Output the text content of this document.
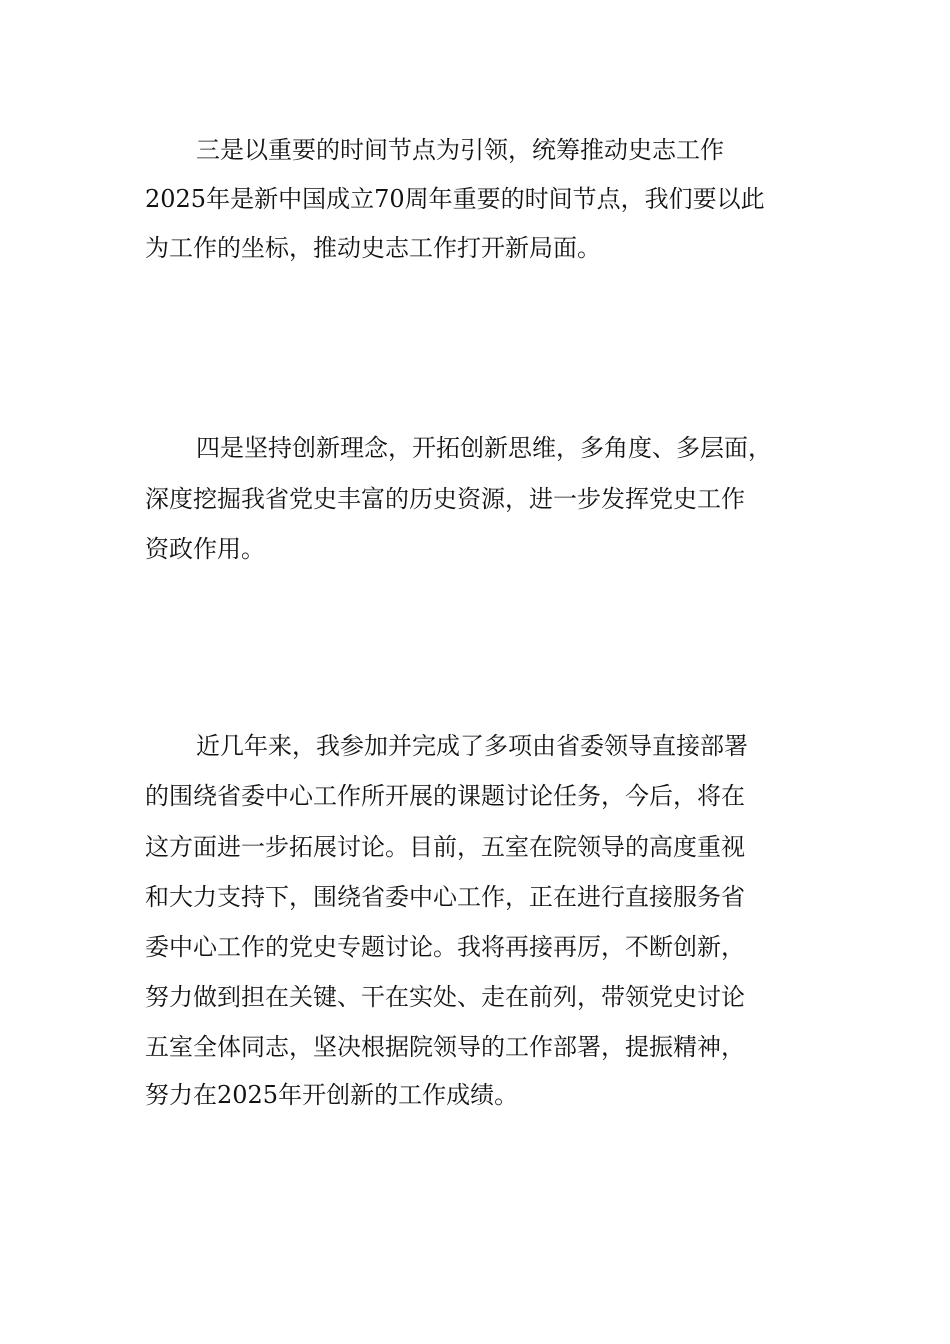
三是以重要的时间节点为引领，统筹推动史志工作

2025年是新中国成立70周年重要的时间节点，我们要以此

为工作的坐标，推动史志工作打开新局面。

四是坚持创新理念，开拓创新思维，多角度、多层面，

深度挖掘我省党史丰富的历史资源，进一步发挥党史工作

资政作用。

近几年来，我参加并完成了多项由省委领导直接部署

的围绕省委中心工作所开展的课题讨论任务，今后，将在

这方面进一步拓展讨论。目前，五室在院领导的高度重视

和大力支持下，围绕省委中心工作，正在进行直接服务省

委中心工作的党史专题讨论。我将再接再厉，不断创新，

努力做到担在关键、干在实处、走在前列，带领党史讨论

五室全体同志，坚决根据院领导的工作部署，提振精神，

努力在2025年开创新的工作成绩。
